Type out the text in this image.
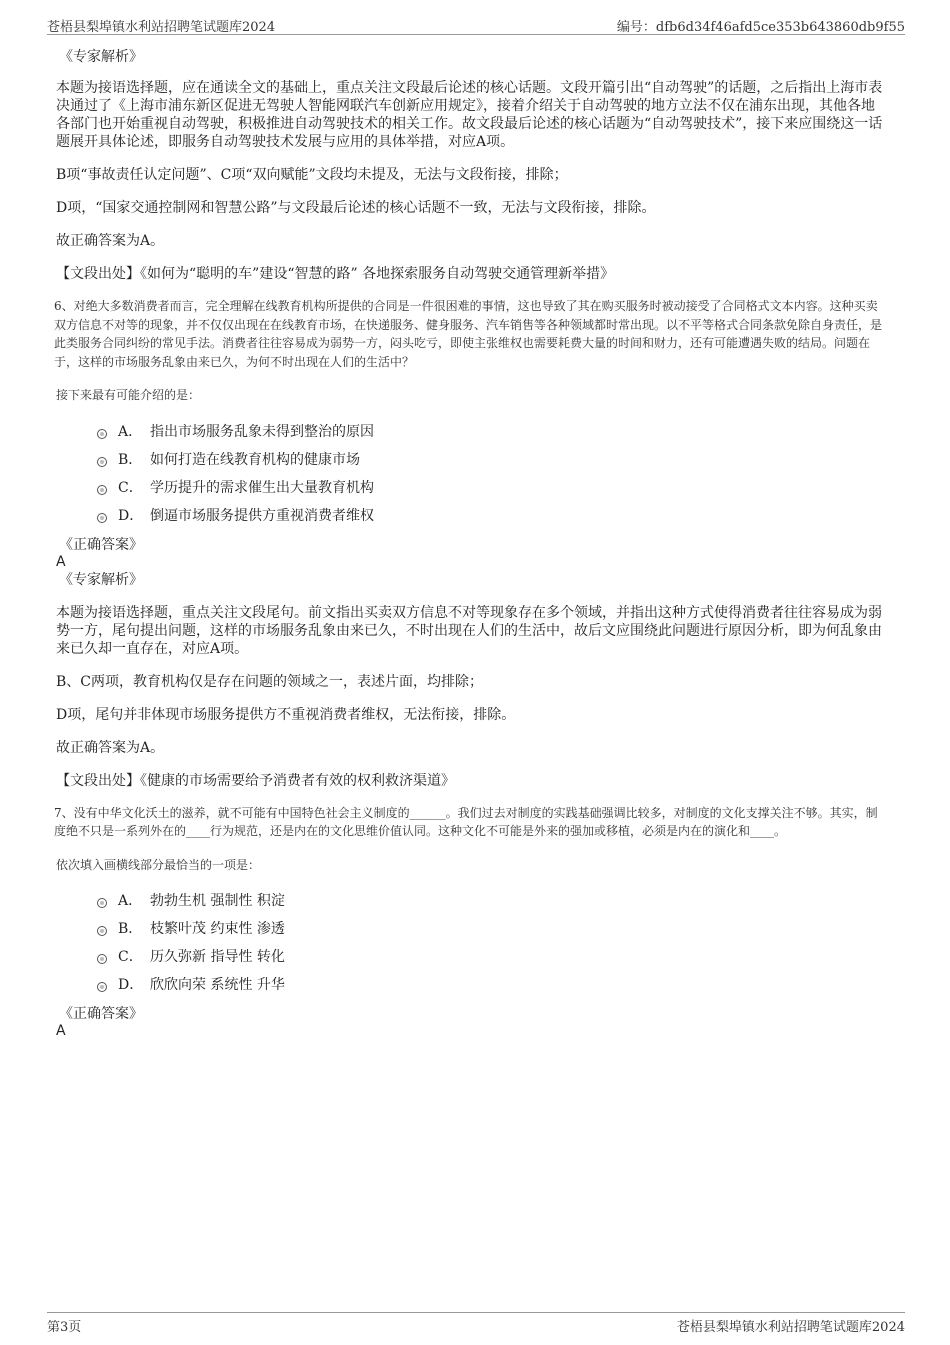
苍梧县梨埠镇水利站招聘笔试题库2024	编号：dfb6d34f46afd5ce353b643860db9f55

《专家解析》

本题为接语选择题，应在通读全文的基础上，重点关注文段最后论述的核心话题。文段开篇引出“自动驾驶”的话题，之后指出上海市表决通过了《上海市浦东新区促进无驾驶人智能网联汽车创新应用规定》，接着介绍关于自动驾驶的地方立法不仅在浦东出现，其他各地各部门也开始重视自动驾驶，积极推进自动驾驶技术的相关工作。故文段最后论述的核心话题为“自动驾驶技术”，接下来应围绕这一话题展开具体论述，即服务自动驾驶技术发展与应用的具体举措，对应A项。

B项“事故责任认定问题”、C项“双向赋能”文段均未提及，无法与文段衔接，排除；

D项，“国家交通控制网和智慧公路”与文段最后论述的核心话题不一致，无法与文段衔接，排除。

故正确答案为A。

【文段出处】《如何为“聪明的车”建设“智慧的路” 各地探索服务自动驾驶交通管理新举措》

6、对绝大多数消费者而言，完全理解在线教育机构所提供的合同是一件很困难的事情，这也导致了其在购买服务时被动接受了合同格式文本内容。这种买卖双方信息不对等的现象，并不仅仅出现在在线教育市场，在快递服务、健身服务、汽车销售等各种领域都时常出现。以不平等格式合同条款免除自身责任，是此类服务合同纠纷的常见手法。消费者往往容易成为弱势一方，闷头吃亏，即使主张维权也需要耗费大量的时间和财力，还有可能遭遇失败的结局。问题在于，这样的市场服务乱象由来已久，为何不时出现在人们的生活中？

接下来最有可能介绍的是：

A． 指出市场服务乱象未得到整治的原因
B． 如何打造在线教育机构的健康市场
C． 学历提升的需求催生出大量教育机构
D． 倒逼市场服务提供方重视消费者维权

《正确答案》

A

《专家解析》

本题为接语选择题，重点关注文段尾句。前文指出买卖双方信息不对等现象存在多个领域，并指出这种方式使得消费者往往容易成为弱势一方，尾句提出问题，这样的市场服务乱象由来已久，不时出现在人们的生活中，故后文应围绕此问题进行原因分析，即为何乱象由来已久却一直存在，对应A项。

B、C两项，教育机构仅是存在问题的领域之一，表述片面，均排除；

D项，尾句并非体现市场服务提供方不重视消费者维权，无法衔接，排除。

故正确答案为A。

【文段出处】《健康的市场需要给予消费者有效的权利救济渠道》

7、没有中华文化沃土的滋养，就不可能有中国特色社会主义制度的______。我们过去对制度的实践基础强调比较多，对制度的文化支撑关注不够。其实，制度绝不只是一系列外在的____行为规范，还是内在的文化思维价值认同。这种文化不可能是外来的强加或移植，必须是内在的演化和____。

依次填入画横线部分最恰当的一项是：

A． 勃勃生机 强制性 积淀
B． 枝繁叶茂 约束性 渗透
C． 历久弥新 指导性 转化
D． 欣欣向荣 系统性 升华

《正确答案》

A

第3页	苍梧县梨埠镇水利站招聘笔试题库2024
